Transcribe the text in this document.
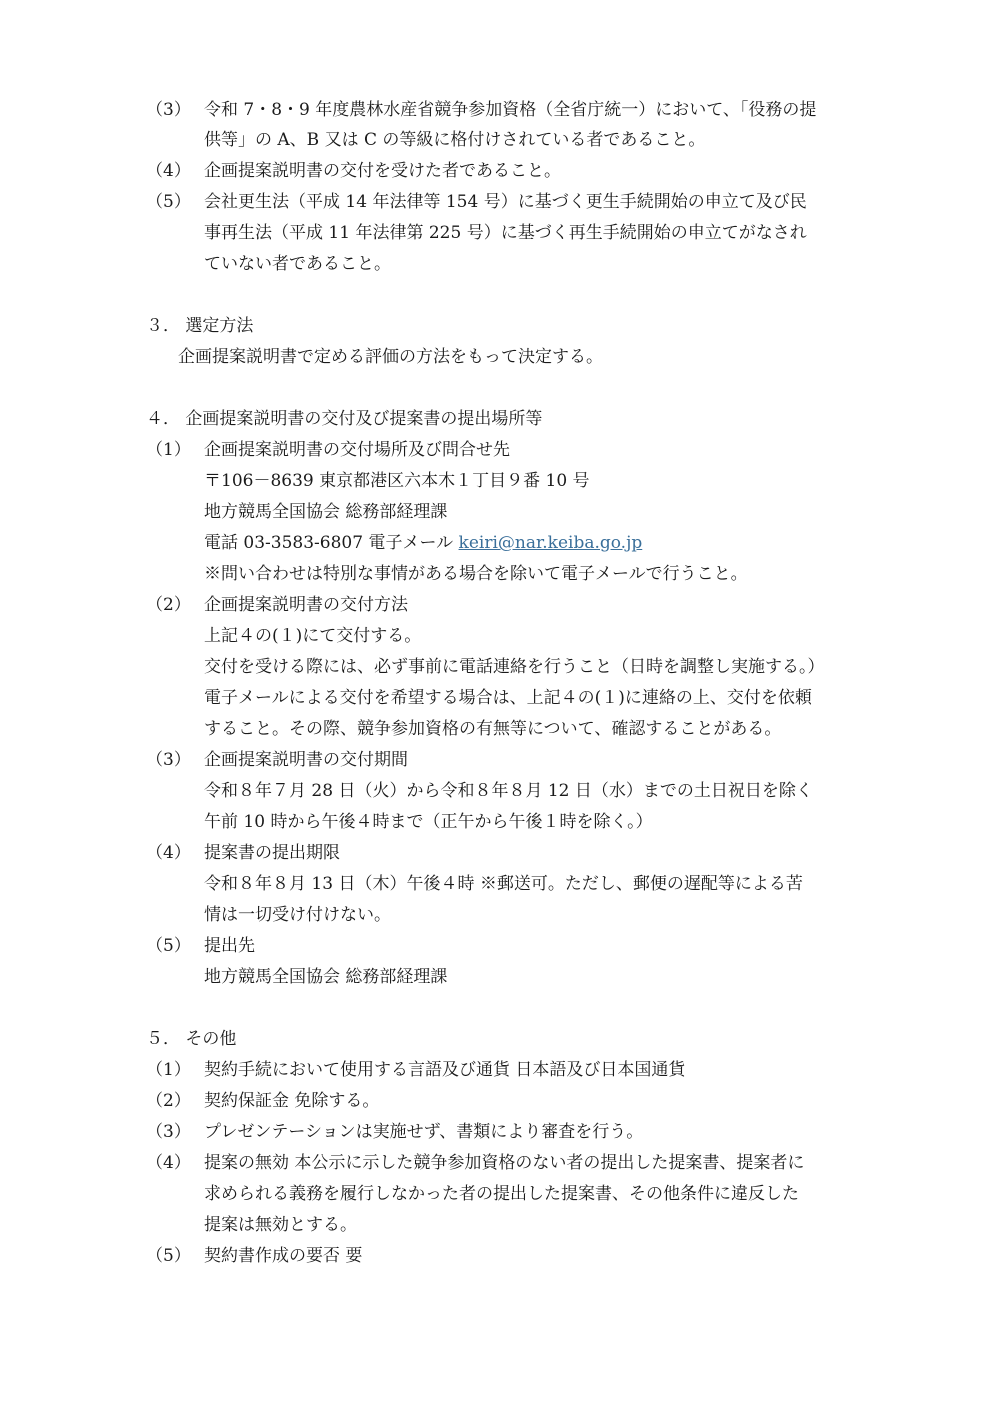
（3） 令和 7・8・9 年度農林水産省競争参加資格（全省庁統一）において、「役務の提
供等」の A、B 又は C の等級に格付けされている者であること。
（4） 企画提案説明書の交付を受けた者であること。
（5） 会社更生法（平成 14 年法律等 154 号）に基づく更生手続開始の申立て及び民
事再生法（平成 11 年法律第 225 号）に基づく再生手続開始の申立てがなされ
ていない者であること。
３． 選定方法
企画提案説明書で定める評価の方法をもって決定する。
４． 企画提案説明書の交付及び提案書の提出場所等
（1） 企画提案説明書の交付場所及び問合せ先
〒106－8639 東京都港区六本木１丁目９番 10 号
地方競馬全国協会 総務部経理課
電話 03-3583-6807 電子メール keiri@nar.keiba.go.jp
※問い合わせは特別な事情がある場合を除いて電子メールで行うこと。
（2） 企画提案説明書の交付方法
上記４の(１)にて交付する。
交付を受ける際には、必ず事前に電話連絡を行うこと（日時を調整し実施する。）
電子メールによる交付を希望する場合は、上記４の(１)に連絡の上、交付を依頼
すること。その際、競争参加資格の有無等について、確認することがある。
（3） 企画提案説明書の交付期間
令和８年７月 28 日（火）から令和８年８月 12 日（水）までの土日祝日を除く
午前 10 時から午後４時まで（正午から午後１時を除く。）
（4） 提案書の提出期限
令和８年８月 13 日（木）午後４時 ※郵送可。ただし、郵便の遅配等による苦
情は一切受け付けない。
（5） 提出先
地方競馬全国協会 総務部経理課
５． その他
（1） 契約手続において使用する言語及び通貨 日本語及び日本国通貨
（2） 契約保証金 免除する。
（3） プレゼンテーションは実施せず、書類により審査を行う。
（4） 提案の無効 本公示に示した競争参加資格のない者の提出した提案書、提案者に
求められる義務を履行しなかった者の提出した提案書、その他条件に違反した
提案は無効とする。
（5） 契約書作成の要否 要
